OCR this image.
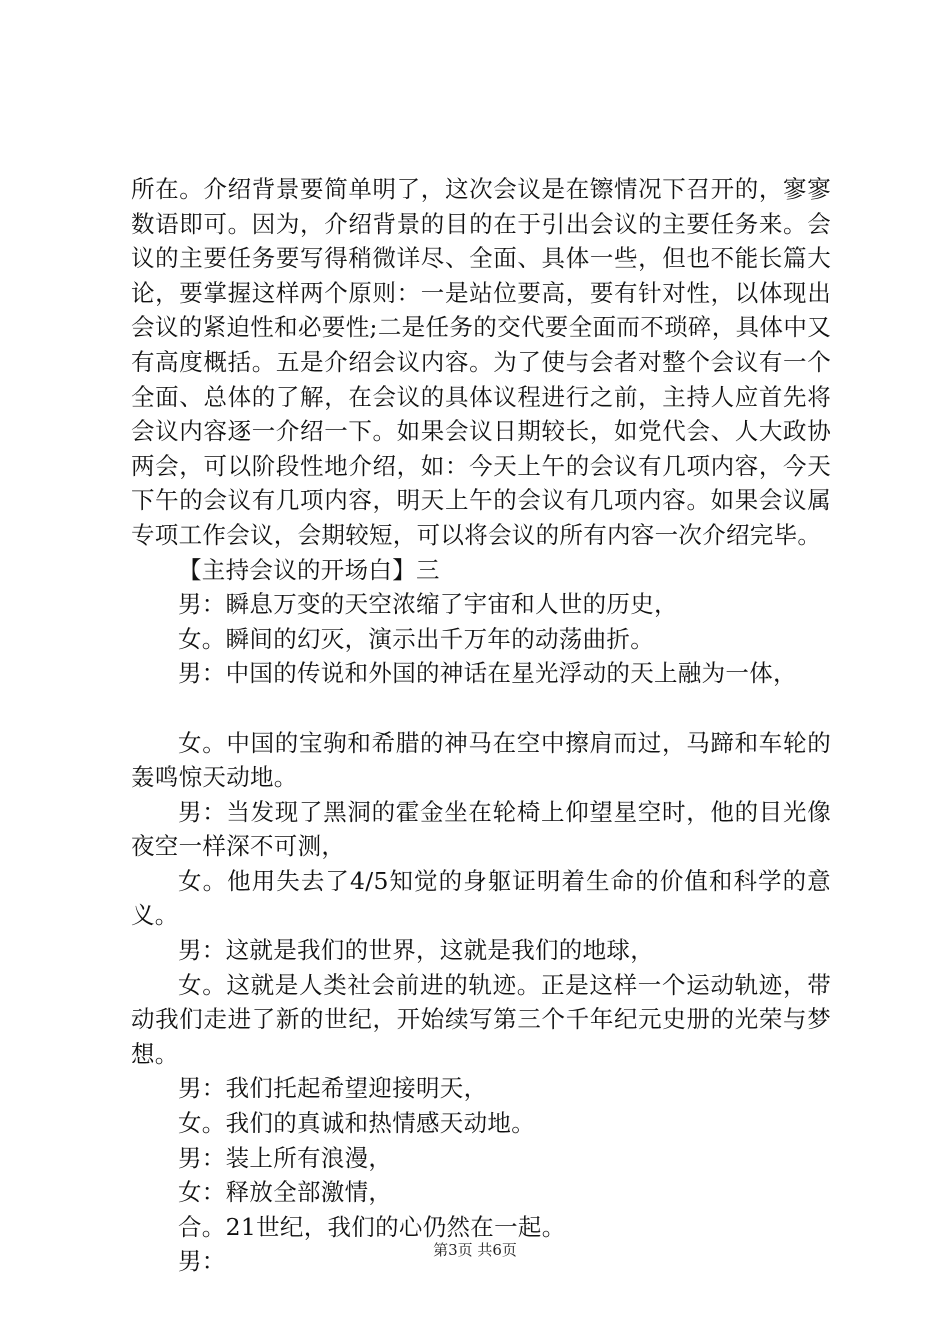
所在。介绍背景要简单明了，这次会议是在镲情况下召开的，寥寥数语即可。因为，介绍背景的目的在于引出会议的主要任务来。会议的主要任务要写得稍微详尽、全面、具体一些，但也不能长篇大论，要掌握这样两个原则：一是站位要高，要有针对性，以体现出会议的紧迫性和必要性;二是任务的交代要全面而不琐碎，具体中又有高度概括。五是介绍会议内容。为了使与会者对整个会议有一个全面、总体的了解，在会议的具体议程进行之前，主持人应首先将会议内容逐一介绍一下。如果会议日期较长，如党代会、人大政协两会，可以阶段性地介绍，如：今天上午的会议有几项内容，今天下午的会议有几项内容，明天上午的会议有几项内容。如果会议属专项工作会议，会期较短，可以将会议的所有内容一次介绍完毕。

【主持会议的开场白】三

男：瞬息万变的天空浓缩了宇宙和人世的历史，

女。瞬间的幻灭，演示出千万年的动荡曲折。

男：中国的传说和外国的神话在星光浮动的天上融为一体，

女。中国的宝驹和希腊的神马在空中擦肩而过，马蹄和车轮的轰鸣惊天动地。

男：当发现了黑洞的霍金坐在轮椅上仰望星空时，他的目光像夜空一样深不可测，

女。他用失去了4/5知觉的身躯证明着生命的价值和科学的意义。

男：这就是我们的世界，这就是我们的地球，

女。这就是人类社会前进的轨迹。正是这样一个运动轨迹，带动我们走进了新的世纪，开始续写第三个千年纪元史册的光荣与梦想。

男：我们托起希望迎接明天，

女。我们的真诚和热情感天动地。

男：装上所有浪漫，

女：释放全部激情，

合。21世纪，我们的心仍然在一起。

男：	第3页 共6页
